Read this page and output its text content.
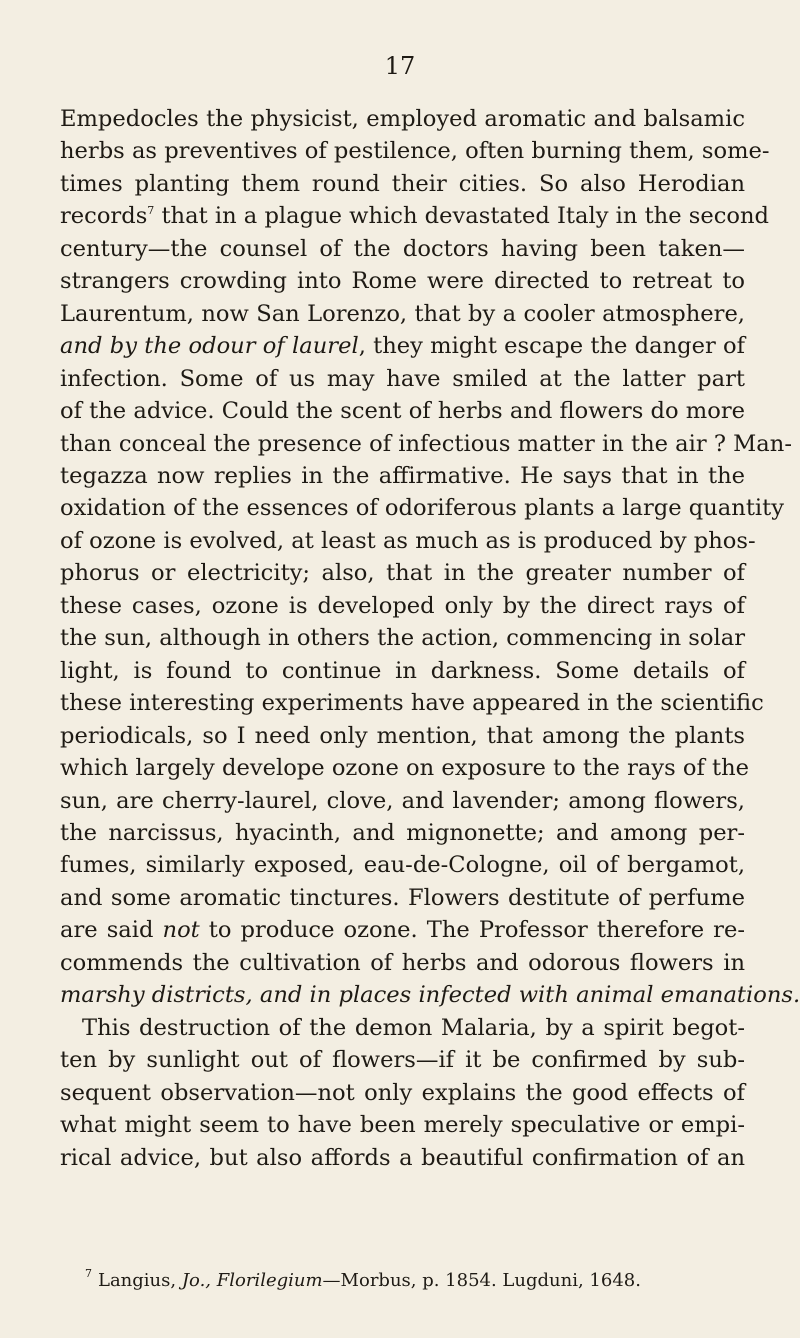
17
Empedocles the physicist, employed aromatic and balsamic
herbs as preventives of pestilence, often burning them, some-
times planting them round their cities. So also Herodian
records$^7$ that in a plague which devastated Italy in the second
century—the counsel of the doctors having been taken—
strangers crowding into Rome were directed to retreat to
Laurentum, now San Lorenzo, that by a cooler atmosphere,
and by the odour of laurel, they might escape the danger of
infection. Some of us may have smiled at the latter part
of the advice. Could the scent of herbs and flowers do more
than conceal the presence of infectious matter in the air ? Man-
tegazza now replies in the affirmative. He says that in the
oxidation of the essences of odoriferous plants a large quantity
of ozone is evolved, at least as much as is produced by phos-
phorus or electricity; also, that in the greater number of
these cases, ozone is developed only by the direct rays of
the sun, although in others the action, commencing in solar
light, is found to continue in darkness. Some details of
these interesting experiments have appeared in the scientific
periodicals, so I need only mention, that among the plants
which largely develope ozone on exposure to the rays of the
sun, are cherry-laurel, clove, and lavender; among flowers,
the narcissus, hyacinth, and mignonette; and among per-
fumes, similarly exposed, eau-de-Cologne, oil of bergamot,
and some aromatic tinctures. Flowers destitute of perfume
are said not to produce ozone. The Professor therefore re-
commends the cultivation of herbs and odorous flowers in
marshy districts, and in places infected with animal emanations.
This destruction of the demon Malaria, by a spirit begot-
ten by sunlight out of flowers—if it be confirmed by sub-
sequent observation—not only explains the good effects of
what might seem to have been merely speculative or empi-
rical advice, but also affords a beautiful confirmation of an
$^7$ Langius, Jo., Florilegium—Morbus, p. 1854. Lugduni, 1648.
